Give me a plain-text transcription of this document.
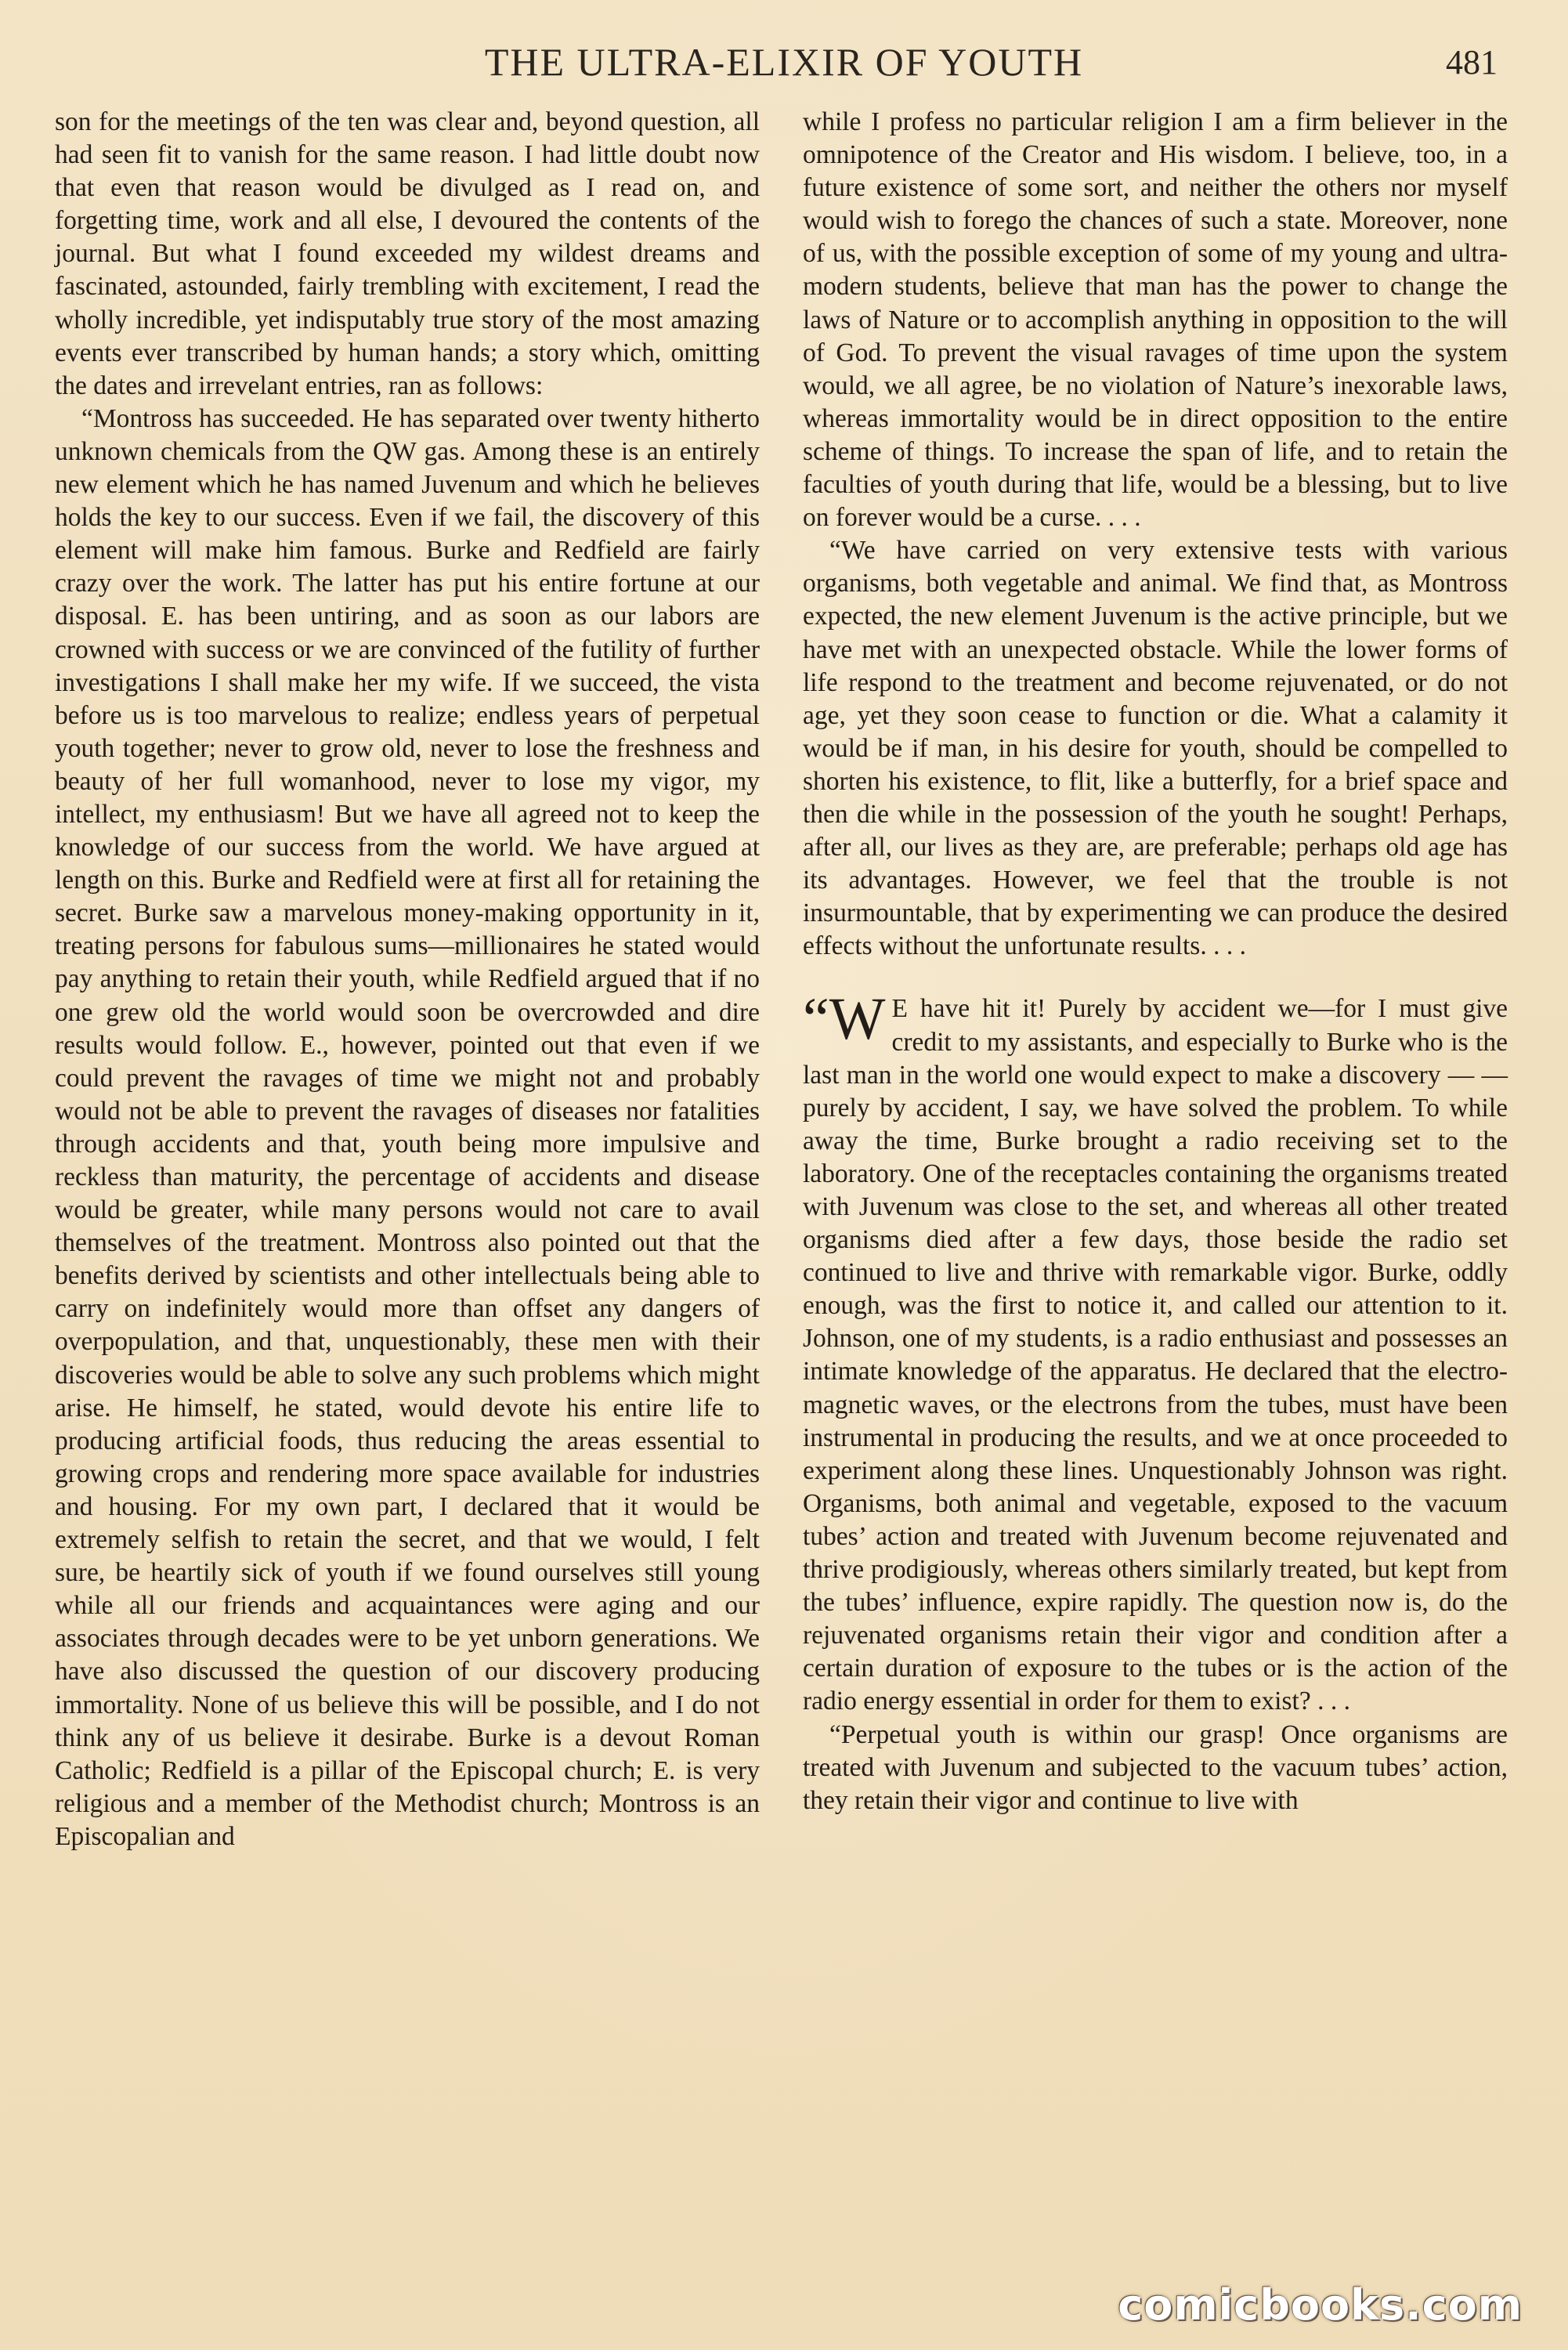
THE ULTRA-ELIXIR OF YOUTH	481

son for the meetings of the ten was clear and, beyond question, all had seen fit to vanish for the same reason. I had little doubt now that even that reason would be divulged as I read on, and forgetting time, work and all else, I devoured the contents of the journal. But what I found exceeded my wildest dreams and fascinated, astounded, fairly trembling with excitement, I read the wholly incredible, yet indisputably true story of the most amazing events ever transcribed by human hands; a story which, omitting the dates and irrevelant entries, ran as follows:

“Montross has succeeded. He has separated over twenty hitherto unknown chemicals from the QW gas. Among these is an entirely new element which he has named Juvenum and which he believes holds the key to our success. Even if we fail, the discovery of this element will make him famous. Burke and Redfield are fairly crazy over the work. The latter has put his entire fortune at our disposal. E. has been untiring, and as soon as our labors are crowned with success or we are convinced of the futility of further investigations I shall make her my wife. If we succeed, the vista before us is too marvelous to realize; endless years of perpetual youth together; never to grow old, never to lose the freshness and beauty of her full womanhood, never to lose my vigor, my intellect, my enthusiasm! But we have all agreed not to keep the knowledge of our success from the world. We have argued at length on this. Burke and Redfield were at first all for retaining the secret. Burke saw a marvelous money-making opportunity in it, treating persons for fabulous sums—millionaires he stated would pay anything to retain their youth, while Redfield argued that if no one grew old the world would soon be overcrowded and dire results would follow. E., however, pointed out that even if we could prevent the ravages of time we might not and probably would not be able to prevent the ravages of diseases nor fatalities through accidents and that, youth being more impulsive and reckless than maturity, the percentage of accidents and disease would be greater, while many persons would not care to avail themselves of the treatment. Montross also pointed out that the benefits derived by scientists and other intellectuals being able to carry on indefinitely would more than offset any dangers of overpopulation, and that, unquestionably, these men with their discoveries would be able to solve any such problems which might arise. He himself, he stated, would devote his entire life to producing artificial foods, thus reducing the areas essential to growing crops and rendering more space available for industries and housing. For my own part, I declared that it would be extremely selfish to retain the secret, and that we would, I felt sure, be heartily sick of youth if we found ourselves still young while all our friends and acquaintances were aging and our associates through decades were to be yet unborn generations. We have also discussed the question of our discovery producing immortality. None of us believe this will be possible, and I do not think any of us believe it desirabe. Burke is a devout Roman Catholic; Redfield is a pillar of the Episcopal church; E. is very religious and a member of the Methodist church; Montross is an Episcopalian and

while I profess no particular religion I am a firm believer in the omnipotence of the Creator and His wisdom. I believe, too, in a future existence of some sort, and neither the others nor myself would wish to forego the chances of such a state. Moreover, none of us, with the possible exception of some of my young and ultra-modern students, believe that man has the power to change the laws of Nature or to accomplish anything in opposition to the will of God. To prevent the visual ravages of time upon the system would, we all agree, be no violation of Nature’s inexorable laws, whereas immortality would be in direct opposition to the entire scheme of things. To increase the span of life, and to retain the faculties of youth during that life, would be a blessing, but to live on forever would be a curse. . . .

“We have carried on very extensive tests with various organisms, both vegetable and animal. We find that, as Montross expected, the new element Juvenum is the active principle, but we have met with an unexpected obstacle. While the lower forms of life respond to the treatment and become rejuvenated, or do not age, yet they soon cease to function or die. What a calamity it would be if man, in his desire for youth, should be compelled to shorten his existence, to flit, like a butterfly, for a brief space and then die while in the possession of the youth he sought! Perhaps, after all, our lives as they are, are preferable; perhaps old age has its advantages. However, we feel that the trouble is not insurmountable, that by experimenting we can produce the desired effects without the unfortunate results. . . .

“W E have hit it! Purely by accident we—for I must give credit to my assistants, and especially to Burke who is the last man in the world one would expect to make a discovery — — purely by accident, I say, we have solved the problem. To while away the time, Burke brought a radio receiving set to the laboratory. One of the receptacles containing the organisms treated with Juvenum was close to the set, and whereas all other treated organisms died after a few days, those beside the radio set continued to live and thrive with remarkable vigor. Burke, oddly enough, was the first to notice it, and called our attention to it. Johnson, one of my students, is a radio enthusiast and possesses an intimate knowledge of the apparatus. He declared that the electro-magnetic waves, or the electrons from the tubes, must have been instrumental in producing the results, and we at once proceeded to experiment along these lines. Unquestionably Johnson was right. Organisms, both animal and vegetable, exposed to the vacuum tubes’ action and treated with Juvenum become rejuvenated and thrive prodigiously, whereas others similarly treated, but kept from the tubes’ influence, expire rapidly. The question now is, do the rejuvenated organisms retain their vigor and condition after a certain duration of exposure to the tubes or is the action of the radio energy essential in order for them to exist? . . .

“Perpetual youth is within our grasp! Once organisms are treated with Juvenum and subjected to the vacuum tubes’ action, they retain their vigor and continue to live with

comicbooks.com
